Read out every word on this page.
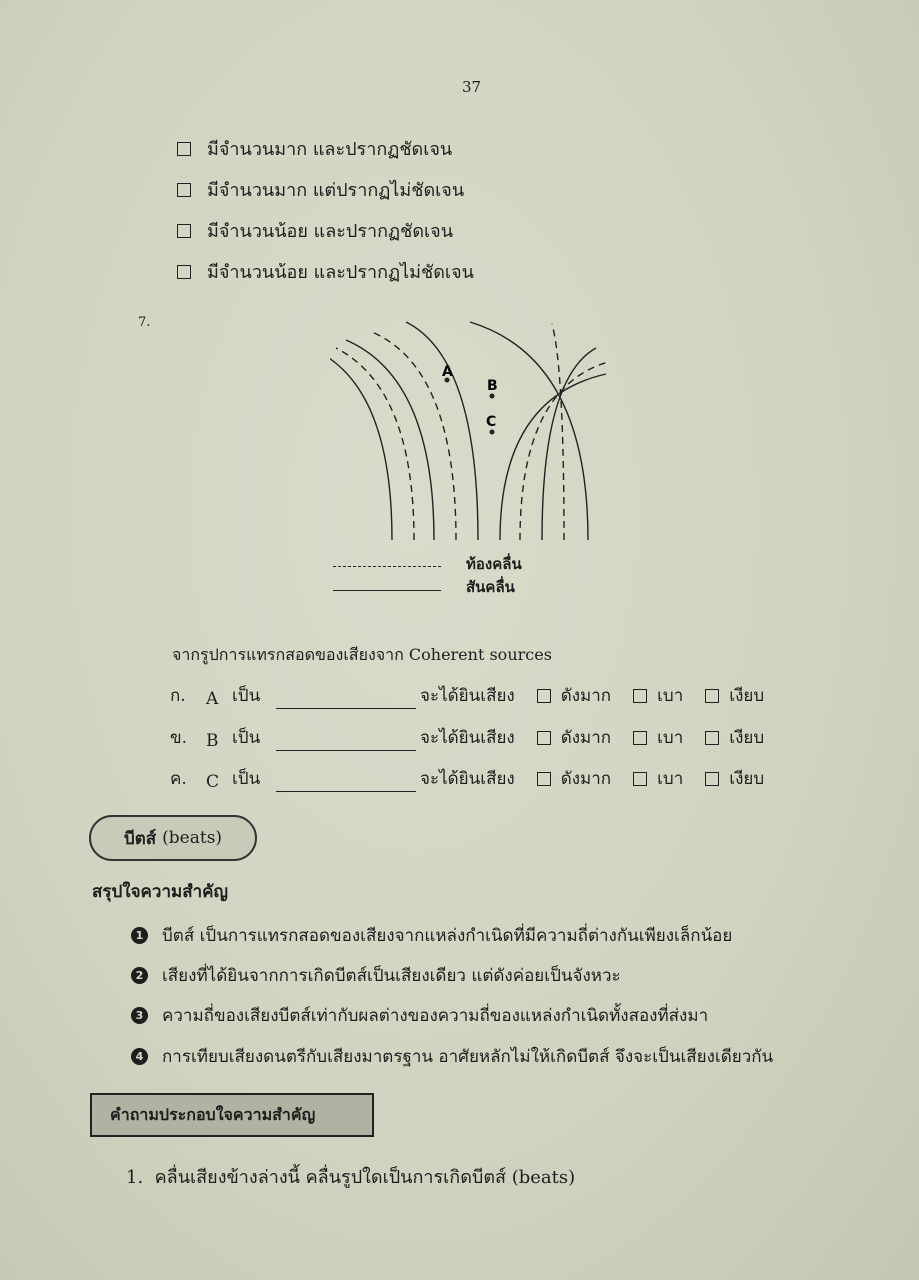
37
มีจำนวนมาก และปรากฏชัดเจน
มีจำนวนมาก แต่ปรากฏไม่ชัดเจน
มีจำนวนน้อย และปรากฏชัดเจน
มีจำนวนน้อย และปรากฏไม่ชัดเจน
7.
A
B
C
ท้องคลื่น
สันคลื่น
จากรูปการแทรกสอดของเสียงจาก Coherent sources
ก.	A เป็น	จะได้ยินเสียง	ดังมาก	เบา	เงียบ
ข.	B เป็น	จะได้ยินเสียง	ดังมาก	เบา	เงียบ
ค.	C เป็น	จะได้ยินเสียง	ดังมาก	เบา	เงียบ
บีตส์ (beats)
สรุปใจความสำคัญ
1 บีตส์ เป็นการแทรกสอดของเสียงจากแหล่งกำเนิดที่มีความถี่ต่างกันเพียงเล็กน้อย
2 เสียงที่ได้ยินจากการเกิดบีตส์เป็นเสียงเดียว แต่ดังค่อยเป็นจังหวะ
3 ความถี่ของเสียงบีตส์เท่ากับผลต่างของความถี่ของแหล่งกำเนิดทั้งสองที่ส่งมา
4 การเทียบเสียงดนตรีกับเสียงมาตรฐาน อาศัยหลักไม่ให้เกิดบีตส์ จึงจะเป็นเสียงเดียวกัน
คำถามประกอบใจความสำคัญ
1. คลื่นเสียงข้างล่างนี้ คลื่นรูปใดเป็นการเกิดบีตส์ (beats)
